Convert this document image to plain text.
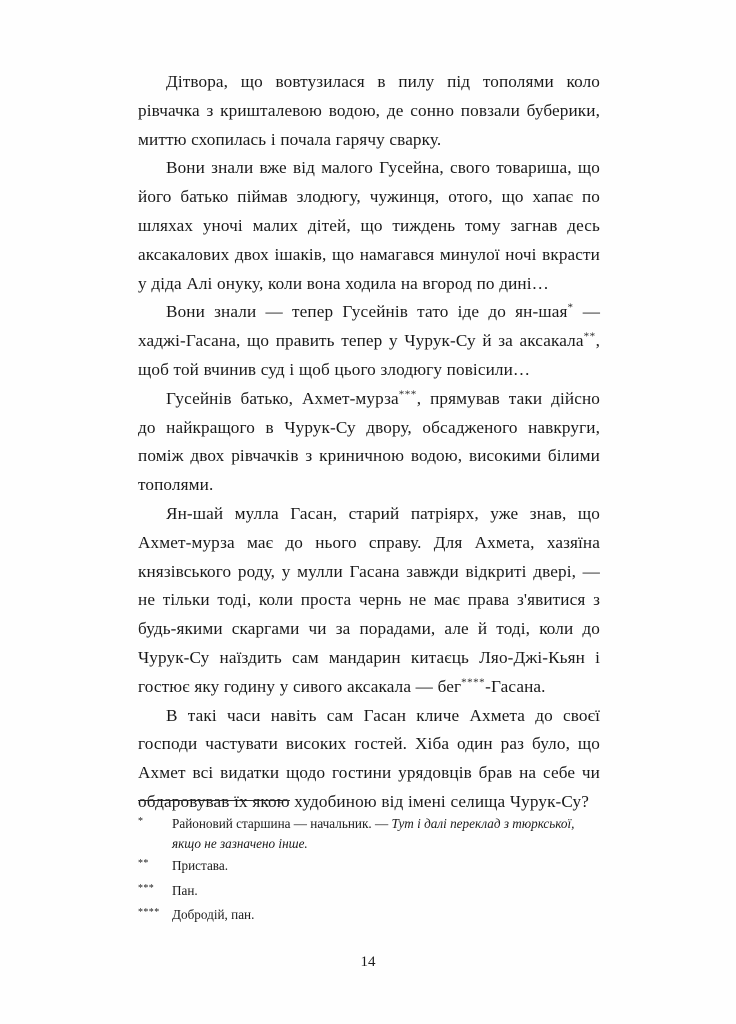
Дітвора, що вовтузилася в пилу під тополями коло рівчачка з кришталевою водою, де сонно повзали буберики, миттю схопилась і почала гарячу сварку.

Вони знали вже від малого Гусейна, свого товариша, що його батько піймав злодюгу, чужинця, отого, що хапає по шляхах уночі малих дітей, що тиждень тому загнав десь аксакалових двох ішаків, що намагався минулої ночі вкрасти у діда Алі онуку, коли вона ходила на вгород по дині…

Вони знали — тепер Гусейнів тато іде до ян-шая* — хаджі-Гасана, що править тепер у Чурук-Су й за аксакала**, щоб той вчинив суд і щоб цього злодюгу повісили…

Гусейнів батько, Ахмет-мурза***, прямував таки дійсно до найкращого в Чурук-Су двору, обсадженого навкруги, поміж двох рівчачків з криничною водою, високими білими тополями.

Ян-шай мулла Гасан, старий патріярх, уже знав, що Ахмет-мурза має до нього справу. Для Ахмета, хазяїна князівського роду, у мулли Гасана завжди відкриті двері, — не тільки тоді, коли проста чернь не має права з'явитися з будь-якими скаргами чи за порадами, але й тоді, коли до Чурук-Су наїздить сам мандарин китаєць Ляо-Джі-Кьян і гостює яку годину у сивого аксакала — бег****-Гасана.

В такі часи навіть сам Гасан кличе Ахмета до своєї господи частувати високих гостей. Хіба один раз було, що Ахмет всі видатки щодо гостини урядовців брав на себе чи обдаровував їх якою худобиною від імені селища Чурук-Су?

*	Районовий старшина — начальник. — Тут і далі переклад з тюркської, якщо не зазначено інше.
**	Пристава.
***	Пан.
**** Добродій, пан.
14
